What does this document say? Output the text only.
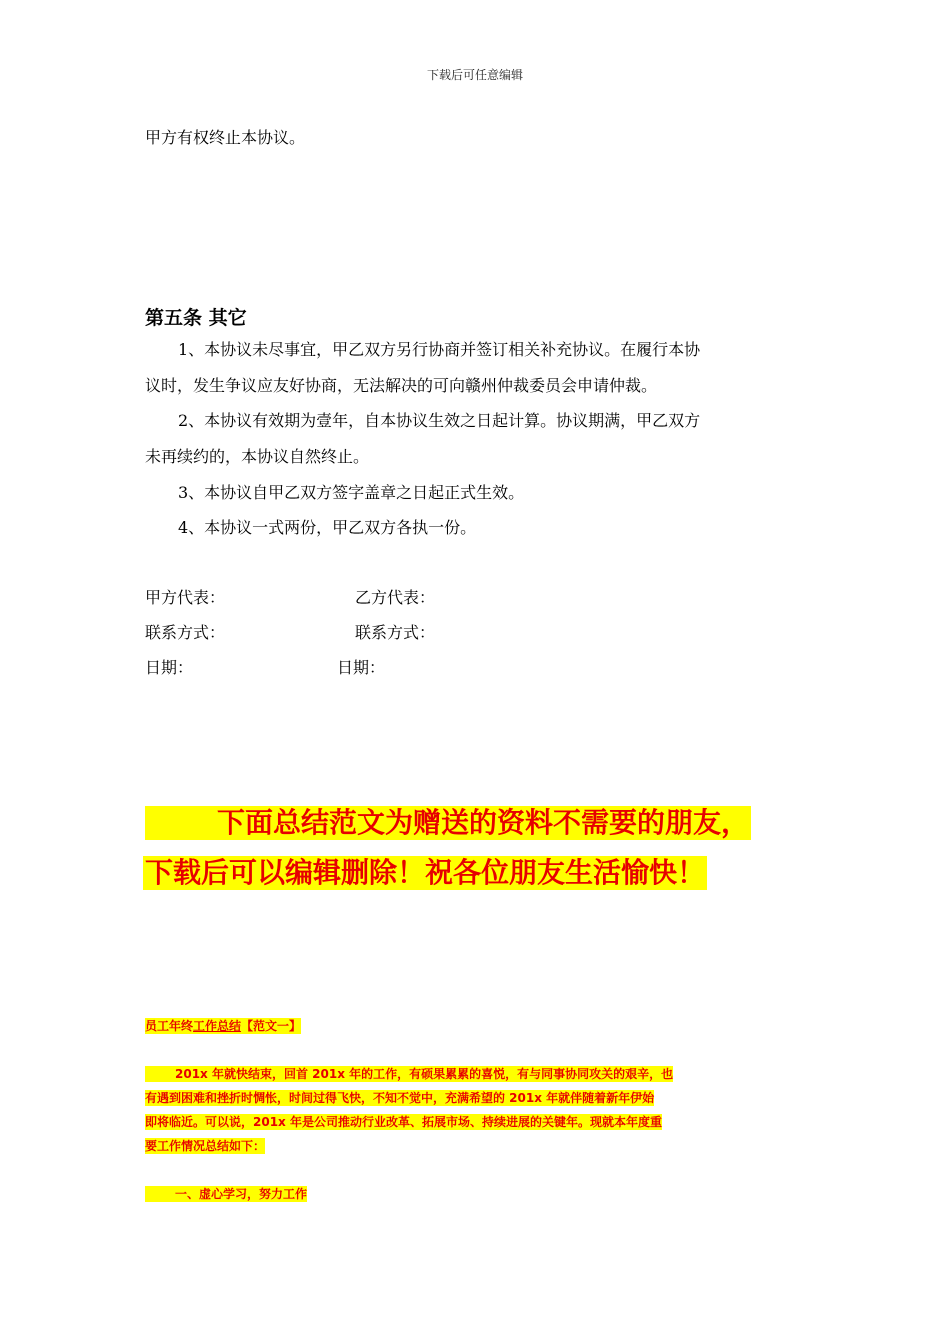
下载后可任意编辑
甲方有权终止本协议。
第五条 其它
1、本协议未尽事宜，甲乙双方另行协商并签订相关补充协议。在履行本协
议时，发生争议应友好协商，无法解决的可向赣州仲裁委员会申请仲裁。
2、本协议有效期为壹年，自本协议生效之日起计算。协议期满，甲乙双方
未再续约的，本协议自然终止。
3、本协议自甲乙双方签字盖章之日起正式生效。
4、本协议一式两份，甲乙双方各执一份。
甲方代表：	乙方代表：
联系方式：	联系方式：
日期：	日期：
下面总结范文为赠送的资料不需要的朋友，
下载后可以编辑删除！祝各位朋友生活愉快！
员工年终工作总结【范文一】
201x 年就快结束，回首 201x 年的工作，有硕果累累的喜悦，有与同事协同攻关的艰辛，也
有遇到困难和挫折时惆怅，时间过得飞快，不知不觉中，充满希望的 201x 年就伴随着新年伊始
即将临近。可以说，201x 年是公司推动行业改革、拓展市场、持续进展的关键年。现就本年度重
要工作情况总结如下：
一、虚心学习，努力工作
